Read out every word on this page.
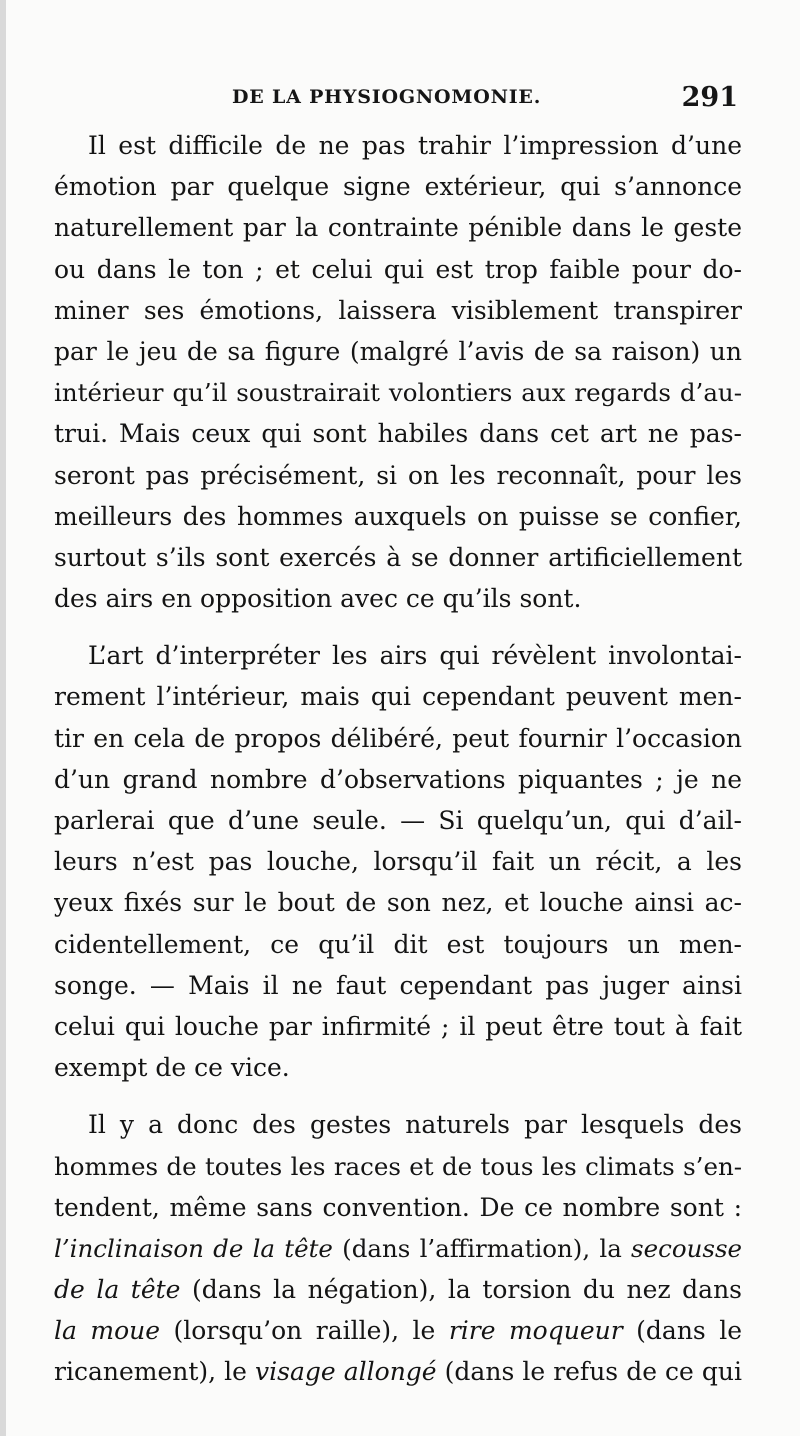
DE LA PHYSIOGNOMONIE.	291
Il est difficile de ne pas trahir l’impression d’une
émotion par quelque signe extérieur, qui s’annonce
naturellement par la contrainte pénible dans le geste
ou dans le ton ; et celui qui est trop faible pour do-
miner ses émotions, laissera visiblement transpirer
par le jeu de sa figure (malgré l’avis de sa raison) un
intérieur qu’il soustrairait volontiers aux regards d’au-
trui. Mais ceux qui sont habiles dans cet art ne pas-
seront pas précisément, si on les reconnaît, pour les
meilleurs des hommes auxquels on puisse se confier,
surtout s’ils sont exercés à se donner artificiellement
des airs en opposition avec ce qu’ils sont.
L’art d’interpréter les airs qui révèlent involontai-
rement l’intérieur, mais qui cependant peuvent men-
tir en cela de propos délibéré, peut fournir l’occasion
d’un grand nombre d’observations piquantes ; je ne
parlerai que d’une seule. — Si quelqu’un, qui d’ail-
leurs n’est pas louche, lorsqu’il fait un récit, a les
yeux fixés sur le bout de son nez, et louche ainsi ac-
cidentellement, ce qu’il dit est toujours un men-
songe. — Mais il ne faut cependant pas juger ainsi
celui qui louche par infirmité ; il peut être tout à fait
exempt de ce vice.
Il y a donc des gestes naturels par lesquels des
hommes de toutes les races et de tous les climats s’en-
tendent, même sans convention. De ce nombre sont :
l’inclinaison de la tête (dans l’affirmation), la secousse
de la tête (dans la négation), la torsion du nez dans
la moue (lorsqu’on raille), le rire moqueur (dans le
ricanement), le visage allongé (dans le refus de ce qui
